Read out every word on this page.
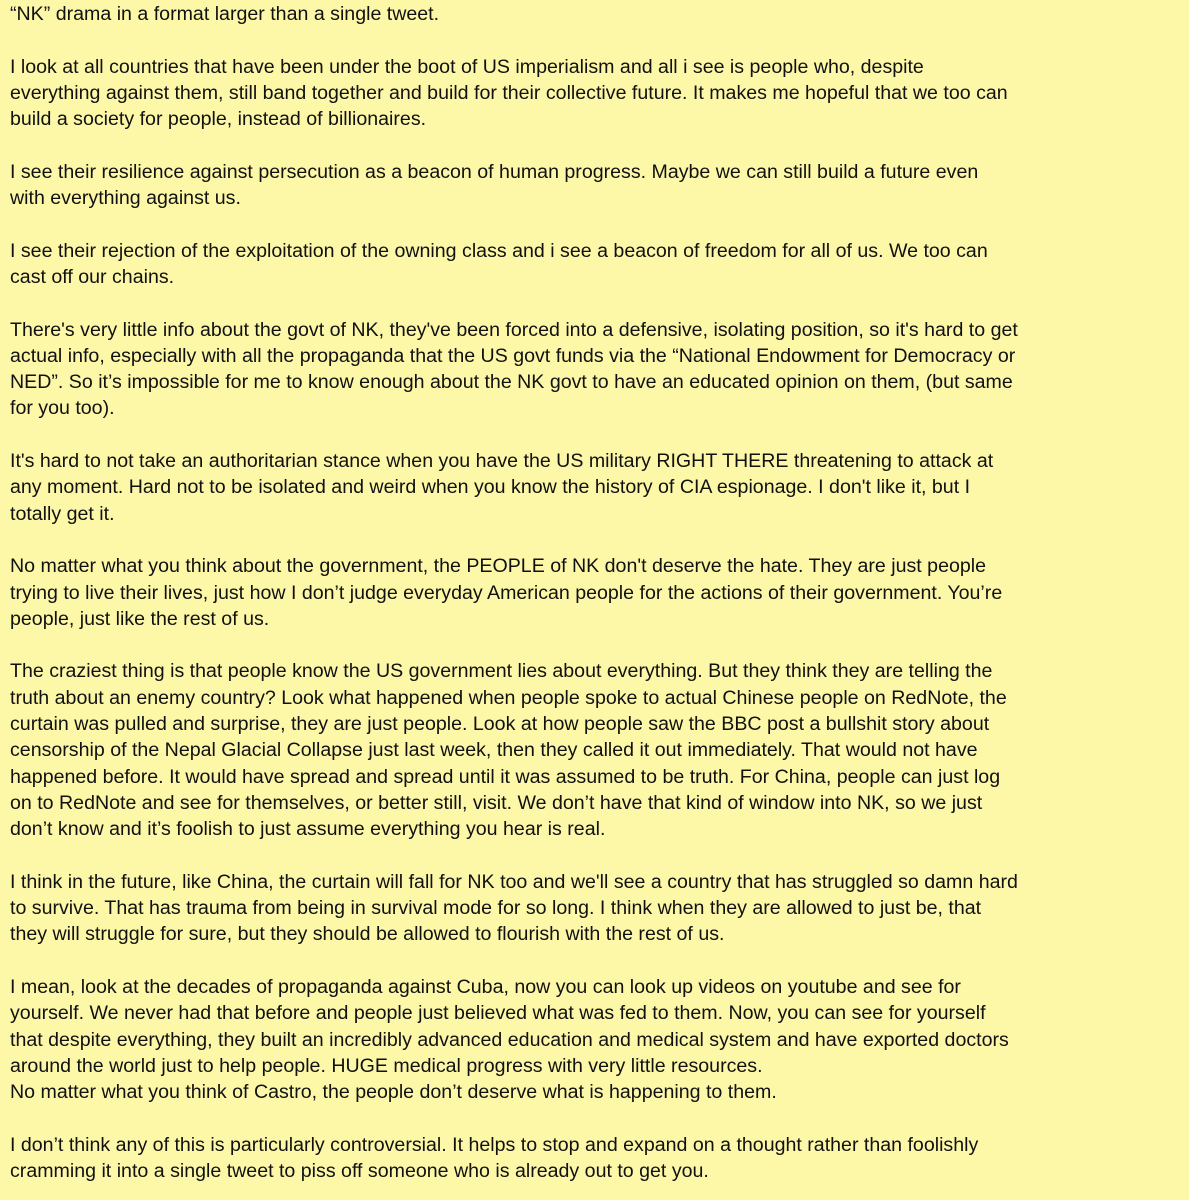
“NK” drama in a format larger than a single tweet.

I look at all countries that have been under the boot of US imperialism and all i see is people who, despite
everything against them, still band together and build for their collective future. It makes me hopeful that we too can
build a society for people, instead of billionaires.

I see their resilience against persecution as a beacon of human progress. Maybe we can still build a future even
with everything against us.

I see their rejection of the exploitation of the owning class and i see a beacon of freedom for all of us. We too can
cast off our chains.

There's very little info about the govt of NK, they've been forced into a defensive, isolating position, so it's hard to get
actual info, especially with all the propaganda that the US govt funds via the “National Endowment for Democracy or
NED”. So it’s impossible for me to know enough about the NK govt to have an educated opinion on them, (but same
for you too).

It's hard to not take an authoritarian stance when you have the US military RIGHT THERE threatening to attack at
any moment. Hard not to be isolated and weird when you know the history of CIA espionage. I don't like it, but I
totally get it.

No matter what you think about the government, the PEOPLE of NK don't deserve the hate. They are just people
trying to live their lives, just how I don’t judge everyday American people for the actions of their government. You’re
people, just like the rest of us.

The craziest thing is that people know the US government lies about everything. But they think they are telling the
truth about an enemy country? Look what happened when people spoke to actual Chinese people on RedNote, the
curtain was pulled and surprise, they are just people. Look at how people saw the BBC post a bullshit story about
censorship of the Nepal Glacial Collapse just last week, then they called it out immediately. That would not have
happened before. It would have spread and spread until it was assumed to be truth. For China, people can just log
on to RedNote and see for themselves, or better still, visit. We don’t have that kind of window into NK, so we just
don’t know and it’s foolish to just assume everything you hear is real.

I think in the future, like China, the curtain will fall for NK too and we'll see a country that has struggled so damn hard
to survive. That has trauma from being in survival mode for so long. I think when they are allowed to just be, that
they will struggle for sure, but they should be allowed to flourish with the rest of us.

I mean, look at the decades of propaganda against Cuba, now you can look up videos on youtube and see for
yourself. We never had that before and people just believed what was fed to them. Now, you can see for yourself
that despite everything, they built an incredibly advanced education and medical system and have exported doctors
around the world just to help people. HUGE medical progress with very little resources.
No matter what you think of Castro, the people don’t deserve what is happening to them.

I don’t think any of this is particularly controversial. It helps to stop and expand on a thought rather than foolishly
cramming it into a single tweet to piss off someone who is already out to get you.
